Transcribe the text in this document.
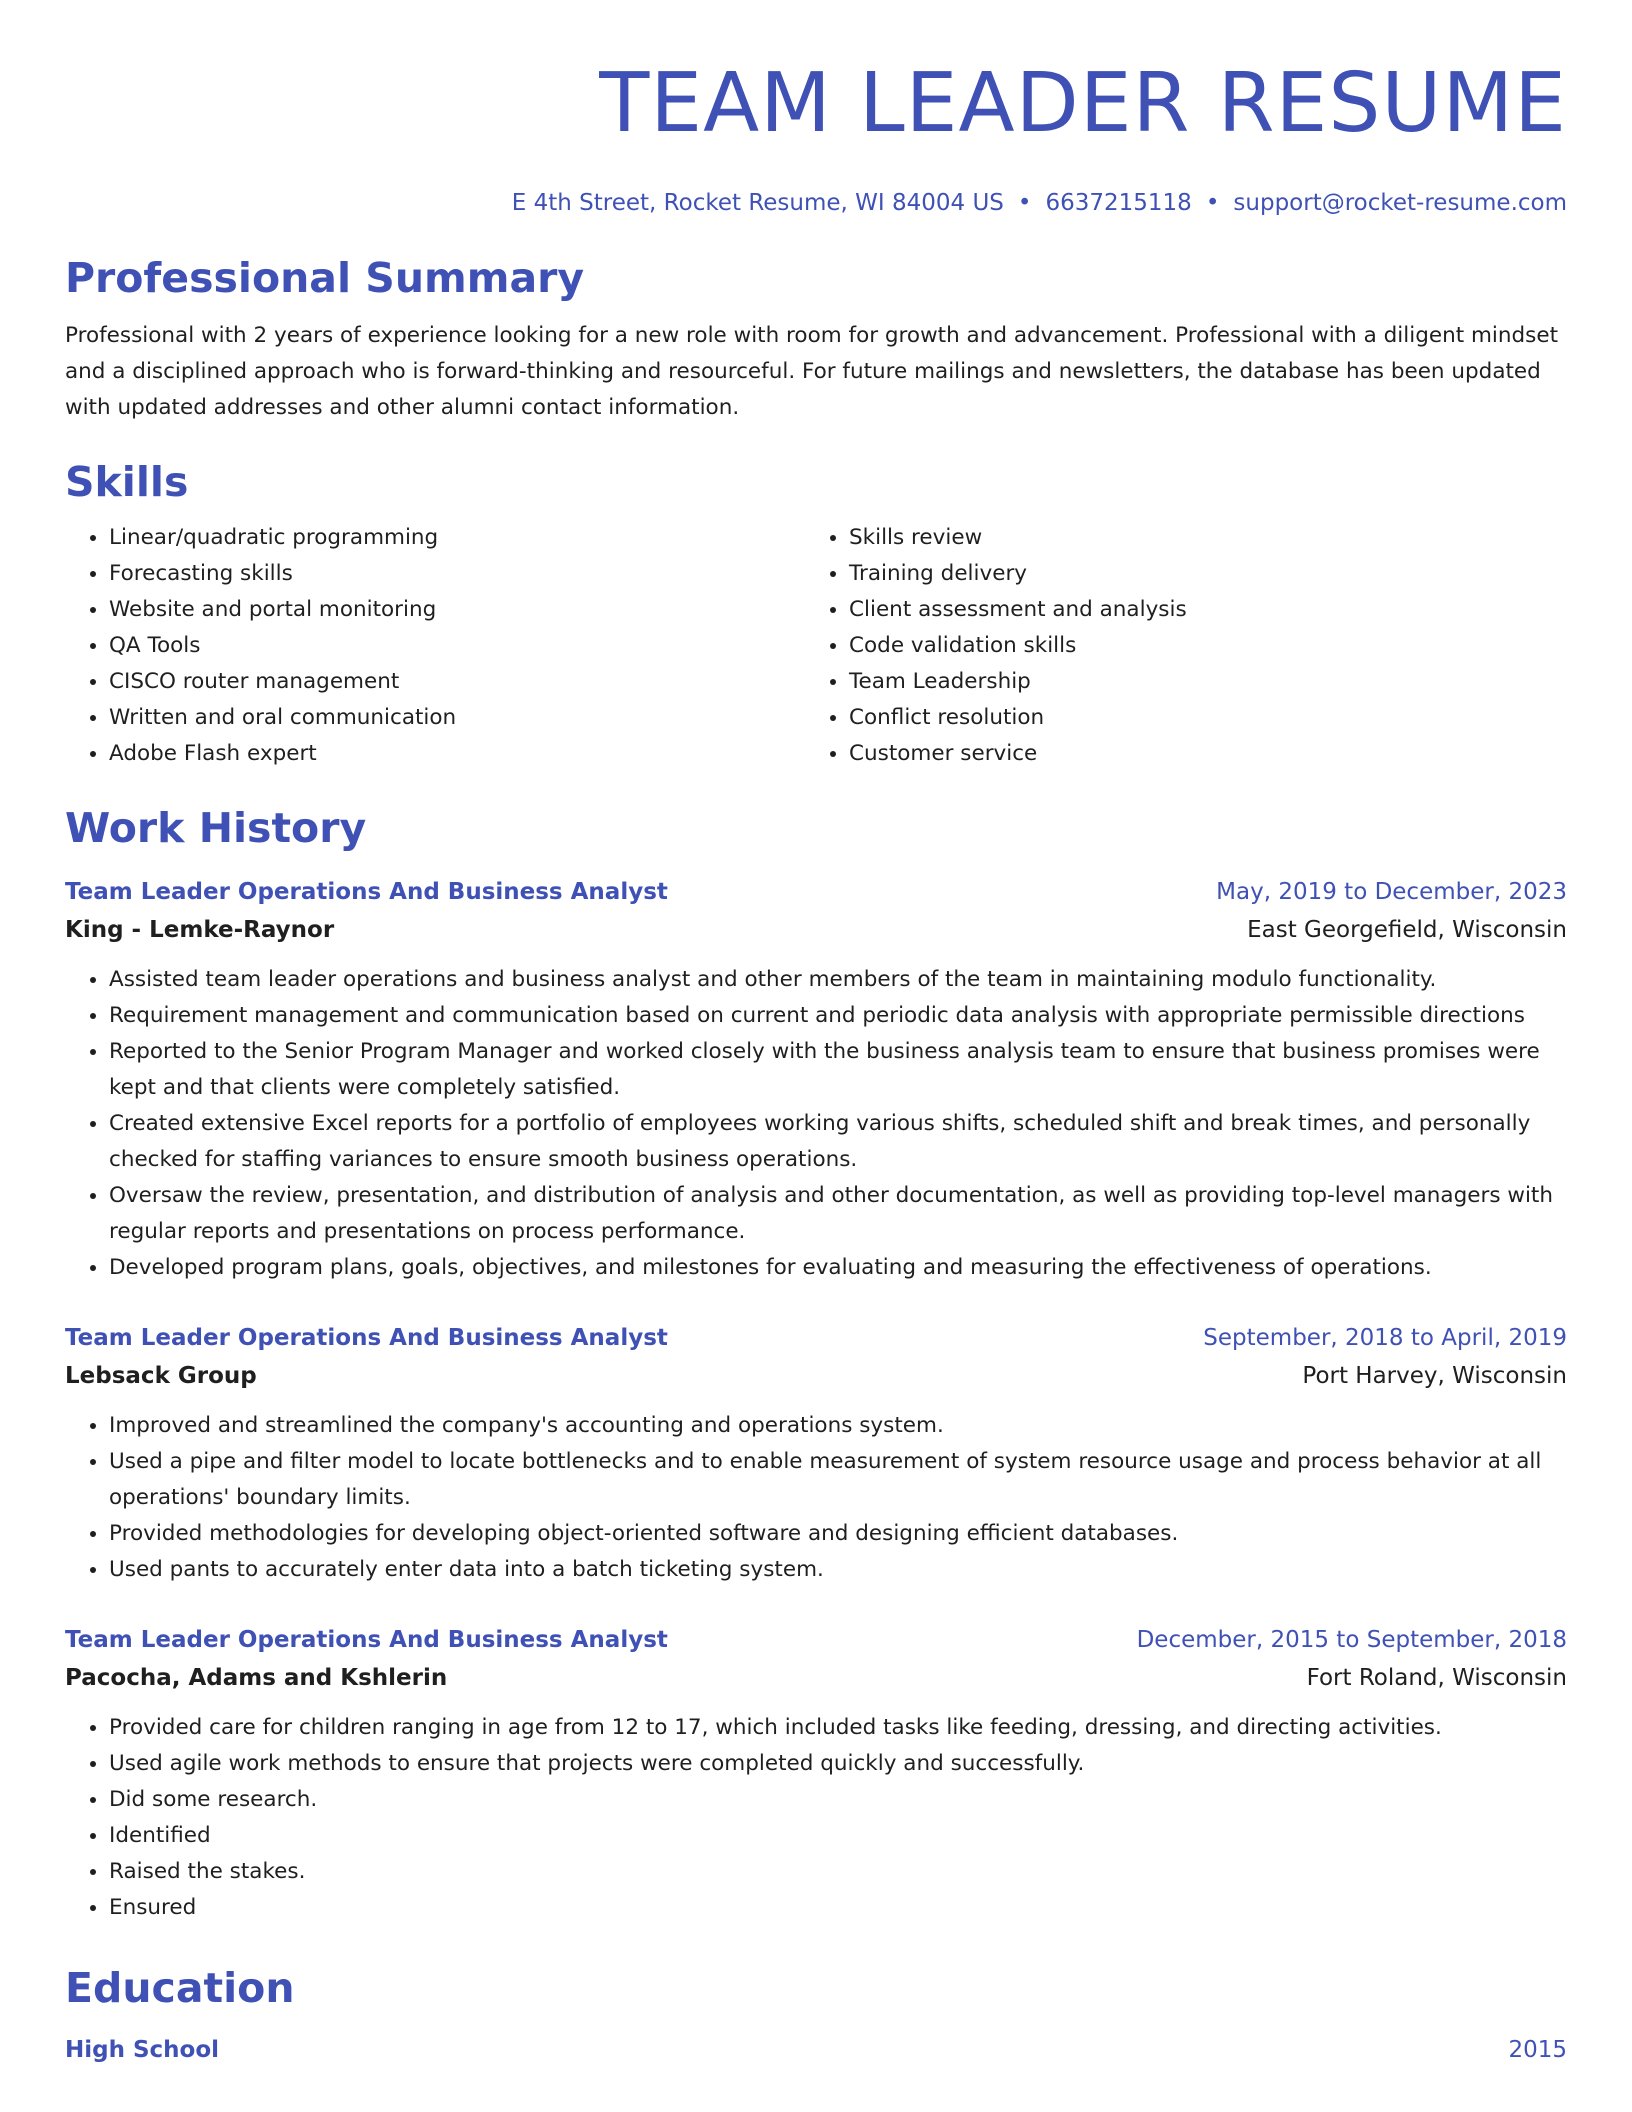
TEAM LEADER RESUME
E 4th Street, Rocket Resume, WI 84004 US • 6637215118 • support@rocket-resume.com
Professional Summary
Professional with 2 years of experience looking for a new role with room for growth and advancement. Professional with a diligent mindset and a disciplined approach who is forward-thinking and resourceful. For future mailings and newsletters, the database has been updated with updated addresses and other alumni contact information.
Skills
• Linear/quadratic programming
• Forecasting skills
• Website and portal monitoring
• QA Tools
• CISCO router management
• Written and oral communication
• Adobe Flash expert
• Skills review
• Training delivery
• Client assessment and analysis
• Code validation skills
• Team Leadership
• Conflict resolution
• Customer service
Work History
Team Leader Operations And Business Analyst	May, 2019 to December, 2023
King - Lemke-Raynor	East Georgefield, Wisconsin
• Assisted team leader operations and business analyst and other members of the team in maintaining modulo functionality.
• Requirement management and communication based on current and periodic data analysis with appropriate permissible directions
• Reported to the Senior Program Manager and worked closely with the business analysis team to ensure that business promises were kept and that clients were completely satisfied.
• Created extensive Excel reports for a portfolio of employees working various shifts, scheduled shift and break times, and personally checked for staffing variances to ensure smooth business operations.
• Oversaw the review, presentation, and distribution of analysis and other documentation, as well as providing top-level managers with regular reports and presentations on process performance.
• Developed program plans, goals, objectives, and milestones for evaluating and measuring the effectiveness of operations.
Team Leader Operations And Business Analyst	September, 2018 to April, 2019
Lebsack Group	Port Harvey, Wisconsin
• Improved and streamlined the company's accounting and operations system.
• Used a pipe and filter model to locate bottlenecks and to enable measurement of system resource usage and process behavior at all operations' boundary limits.
• Provided methodologies for developing object-oriented software and designing efficient databases.
• Used pants to accurately enter data into a batch ticketing system.
Team Leader Operations And Business Analyst	December, 2015 to September, 2018
Pacocha, Adams and Kshlerin	Fort Roland, Wisconsin
• Provided care for children ranging in age from 12 to 17, which included tasks like feeding, dressing, and directing activities.
• Used agile work methods to ensure that projects were completed quickly and successfully.
• Did some research.
• Identified
• Raised the stakes.
• Ensured
Education
High School	2015
